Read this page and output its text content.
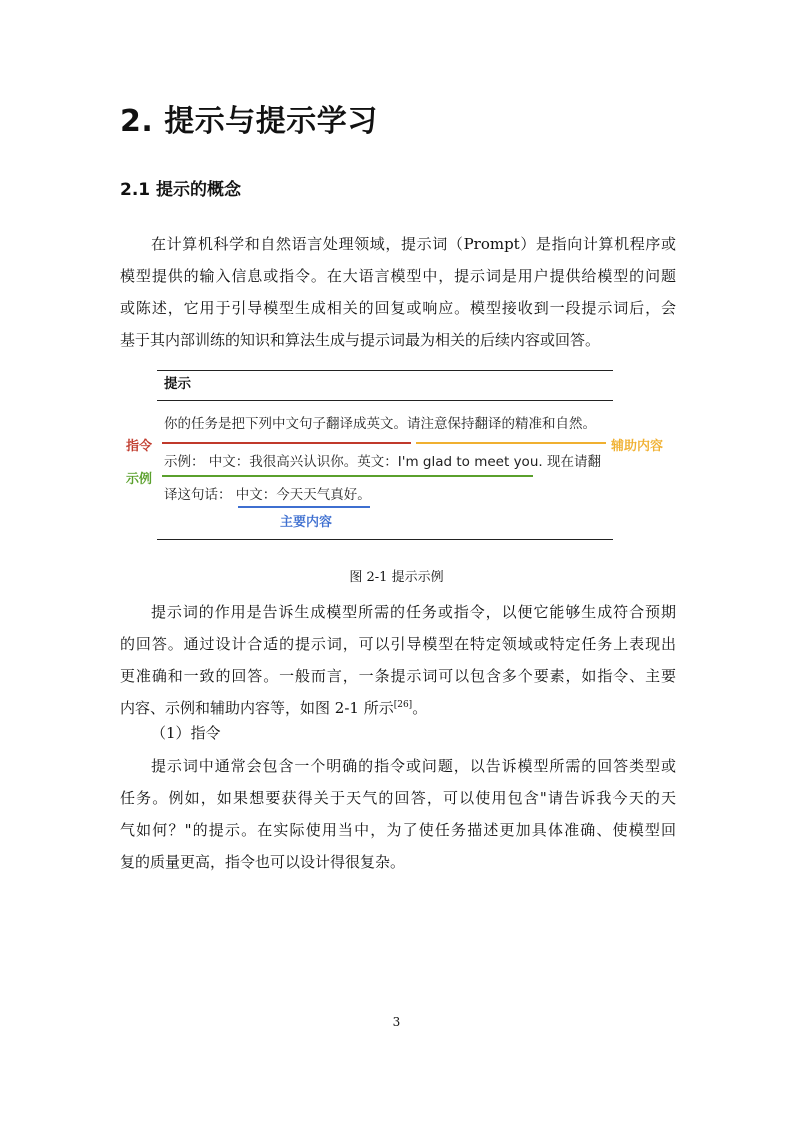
2. 提示与提示学习
2.1 提示的概念
在计算机科学和自然语言处理领域，提示词（Prompt）是指向计算机程序或
模型提供的输入信息或指令。在大语言模型中，提示词是用户提供给模型的问题
或陈述，它用于引导模型生成相关的回复或响应。模型接收到一段提示词后，会
基于其内部训练的知识和算法生成与提示词最为相关的后续内容或回答。
提示
你的任务是把下列中文句子翻译成英文。请注意保持翻译的精准和自然。
指令	辅助内容
示例： 中文：我很高兴认识你。英文：I'm glad to meet you. 现在请翻
示例
译这句话： 中文：今天天气真好。
主要内容
图 2-1 提示示例
提示词的作用是告诉生成模型所需的任务或指令，以便它能够生成符合预期
的回答。通过设计合适的提示词，可以引导模型在特定领域或特定任务上表现出
更准确和一致的回答。一般而言，一条提示词可以包含多个要素，如指令、主要
内容、示例和辅助内容等，如图 2-1 所示[26]。
（1）指令
提示词中通常会包含一个明确的指令或问题，以告诉模型所需的回答类型或
任务。例如，如果想要获得关于天气的回答，可以使用包含"请告诉我今天的天
气如何？"的提示。在实际使用当中，为了使任务描述更加具体准确、使模型回
复的质量更高，指令也可以设计得很复杂。
3
